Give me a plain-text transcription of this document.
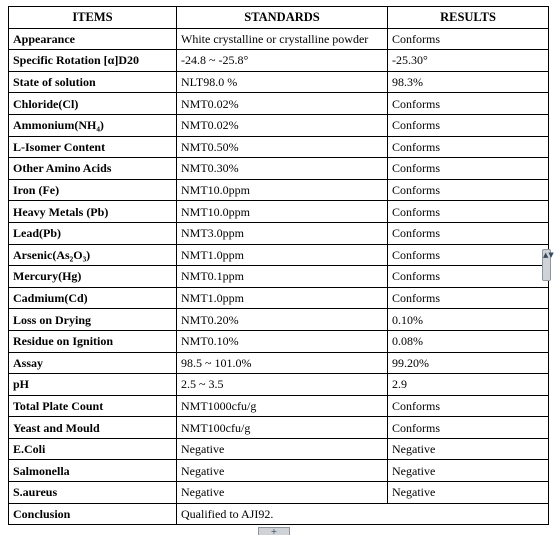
ITEMS	STANDARDS	RESULTS
Appearance	White crystalline or crystalline powder	Conforms
Specific Rotation [α]D20	-24.8 ~ -25.8°	-25.30°
State of solution	NLT98.0 %	98.3%
Chloride(Cl)	NMT0.02%	Conforms
Ammonium(NH₄)	NMT0.02%	Conforms
L-Isomer Content	NMT0.50%	Conforms
Other Amino Acids	NMT0.30%	Conforms
Iron (Fe)	NMT10.0ppm	Conforms
Heavy Metals (Pb)	NMT10.0ppm	Conforms
Lead(Pb)	NMT3.0ppm	Conforms
Arsenic(As₂O₃)	NMT1.0ppm	Conforms
Mercury(Hg)	NMT0.1ppm	Conforms
Cadmium(Cd)	NMT1.0ppm	Conforms
Loss on Drying	NMT0.20%	0.10%
Residue on Ignition	NMT0.10%	0.08%
Assay	98.5 ~ 101.0%	99.20%
pH	2.5 ~ 3.5	2.9
Total Plate Count	NMT1000cfu/g	Conforms
Yeast and Mould	NMT100cfu/g	Conforms
E.Coli	Negative	Negative
Salmonella	Negative	Negative
S.aureus	Negative	Negative
Conclusion	Qualified to AJI92.	
▲▼
+
